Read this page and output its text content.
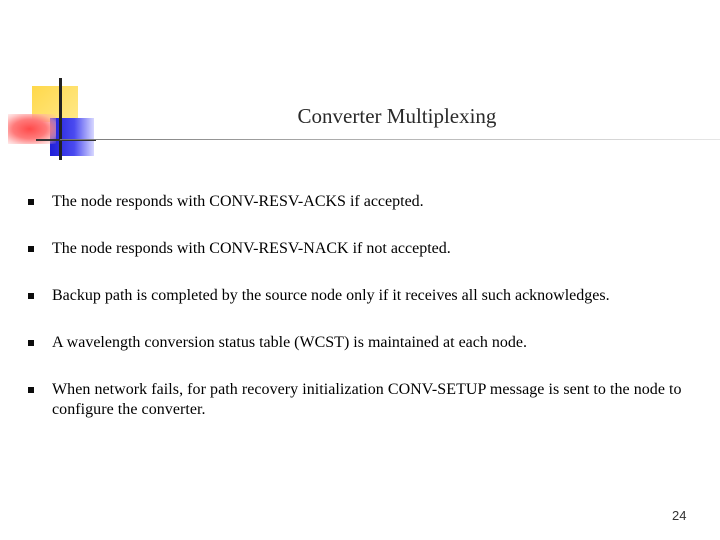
Converter Multiplexing
The node responds with CONV-RESV-ACKS if accepted.
The node responds with CONV-RESV-NACK if not accepted.
Backup path is completed by the source node only if it receives all such acknowledges.
A wavelength conversion status table (WCST) is maintained at each node.
When network fails, for path recovery initialization CONV-SETUP message is sent to the node to configure the converter.
24
